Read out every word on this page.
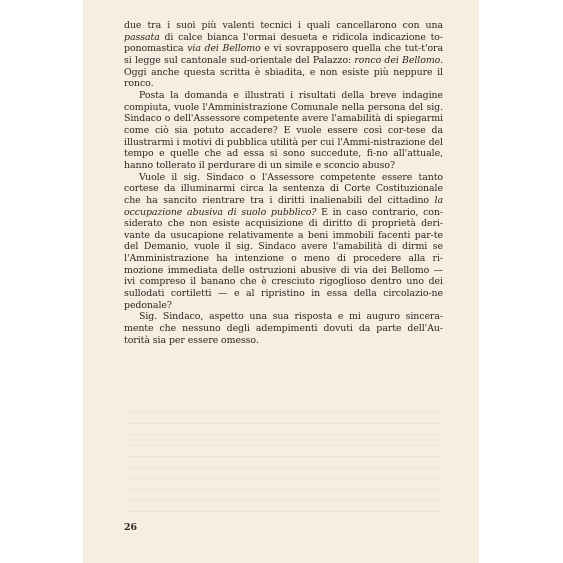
due tra i suoi più valenti tecnici i quali cancellarono con una passata di calce bianca l'ormai desueta e ridicola indicazione to-ponomastica via dei Bellomo e vi sovrapposero quella che tut-t'ora si legge sul cantonale sud-orientale del Palazzo: ronco dei Bellomo. Oggi anche questa scritta è sbiadita, e non esiste più neppure il ronco.

Posta la domanda e illustrati i risultati della breve indagine compiuta, vuole l'Amministrazione Comunale nella persona del sig. Sindaco o dell'Assessore competente avere l'amabilità di spiegarmi come ciò sia potuto accadere? E vuole essere così cor-tese da illustrarmi i motivi di pubblica utilità per cui l'Ammi-nistrazione del tempo e quelle che ad essa si sono succedute, fi-no all'attuale, hanno tollerato il perdurare di un simile e sconcio abuso?

Vuole il sig. Sindaco o l'Assessore competente essere tanto cortese da illuminarmi circa la sentenza di Corte Costituzionale che ha sancito rientrare tra i diritti inalienabili del cittadino la occupazione abusiva di suolo pubblico? E in caso contrario, con-siderato che non esiste acquisizione di diritto di proprietà deri-vante da usucapione relativamente a beni immobili facenti par-te del Demanio, vuole il sig. Sindaco avere l'amabilità di dirmi se l'Amministrazione ha intenzione o meno di procedere alla ri-mozione immediata delle ostruzioni abusive di via dei Bellomo — ivi compreso il banano che è cresciuto rigoglioso dentro uno dei sullodati cortiletti — e al ripristino in essa della circolazio-ne pedonale?

Sig. Sindaco, aspetto una sua risposta e mi auguro sincera-mente che nessuno degli adempimenti dovuti da parte dell'Au-torità sia per essere omesso.

26
